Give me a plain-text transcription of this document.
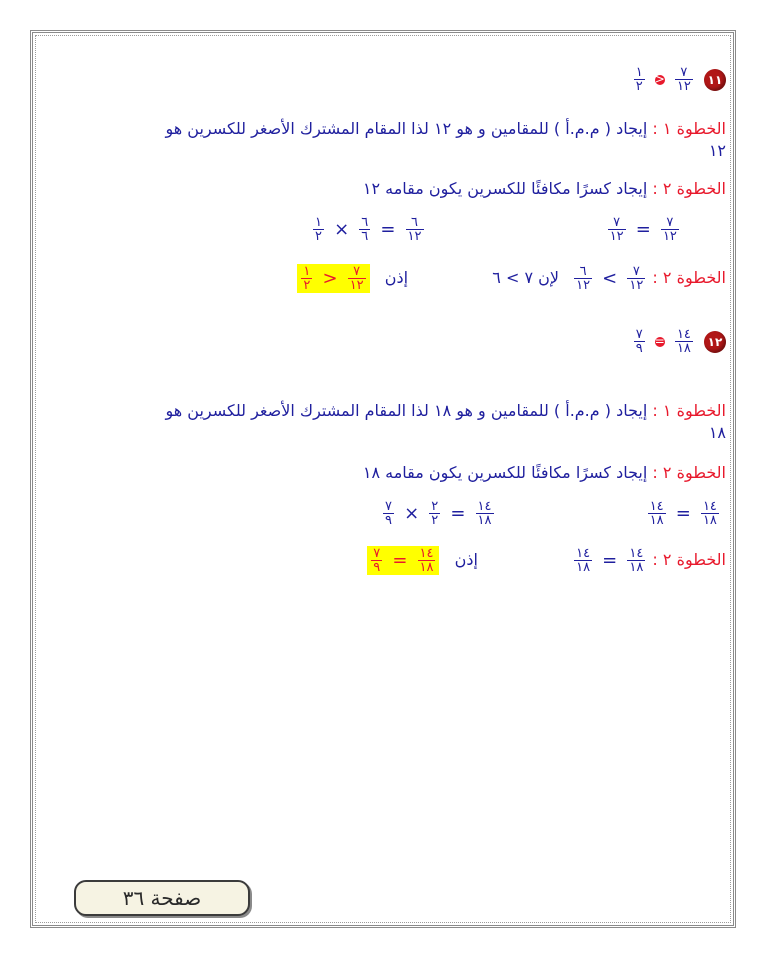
١١
$\frac{٧}{١٢}$

<

$\frac{١}{٢}$
الخطوة ١ : إيجاد ( م.م.أ ) للمقامين و هو ١٢ لذا المقام المشترك الأصغر للكسرين هو
١٢
الخطوة ٢ : إيجاد كسرًا مكافئًا للكسرين يكون مقامه ١٢

$\frac{٧}{١٢}$
=
$\frac{٧}{١٢}$

$\frac{٦}{١٢}$
=
$\frac{٦}{٦}$
×
$\frac{١}{٢}$
الخطوة ٢ :
$\frac{٧}{١٢}$
>
$\frac{٦}{١٢}$
لإن ٧ > ٦  إذن
$\frac{٧}{١٢}$
<
$\frac{١}{٢}$
١٢
$\frac{١٤}{١٨}$

=

$\frac{٧}{٩}$
الخطوة ١ : إيجاد ( م.م.أ ) للمقامين و هو ١٨ لذا المقام المشترك الأصغر للكسرين هو
١٨
الخطوة ٢ : إيجاد كسرًا مكافئًا للكسرين يكون مقامه ١٨

$\frac{١٤}{١٨}$
=
$\frac{١٤}{١٨}$

$\frac{١٤}{١٨}$
=
$\frac{٢}{٢}$
×
$\frac{٧}{٩}$
الخطوة ٢ :
$\frac{١٤}{١٨}$
=
$\frac{١٤}{١٨}$
إذن
$\frac{١٤}{١٨}$
=
$\frac{٧}{٩}$
صفحة ٣٦
